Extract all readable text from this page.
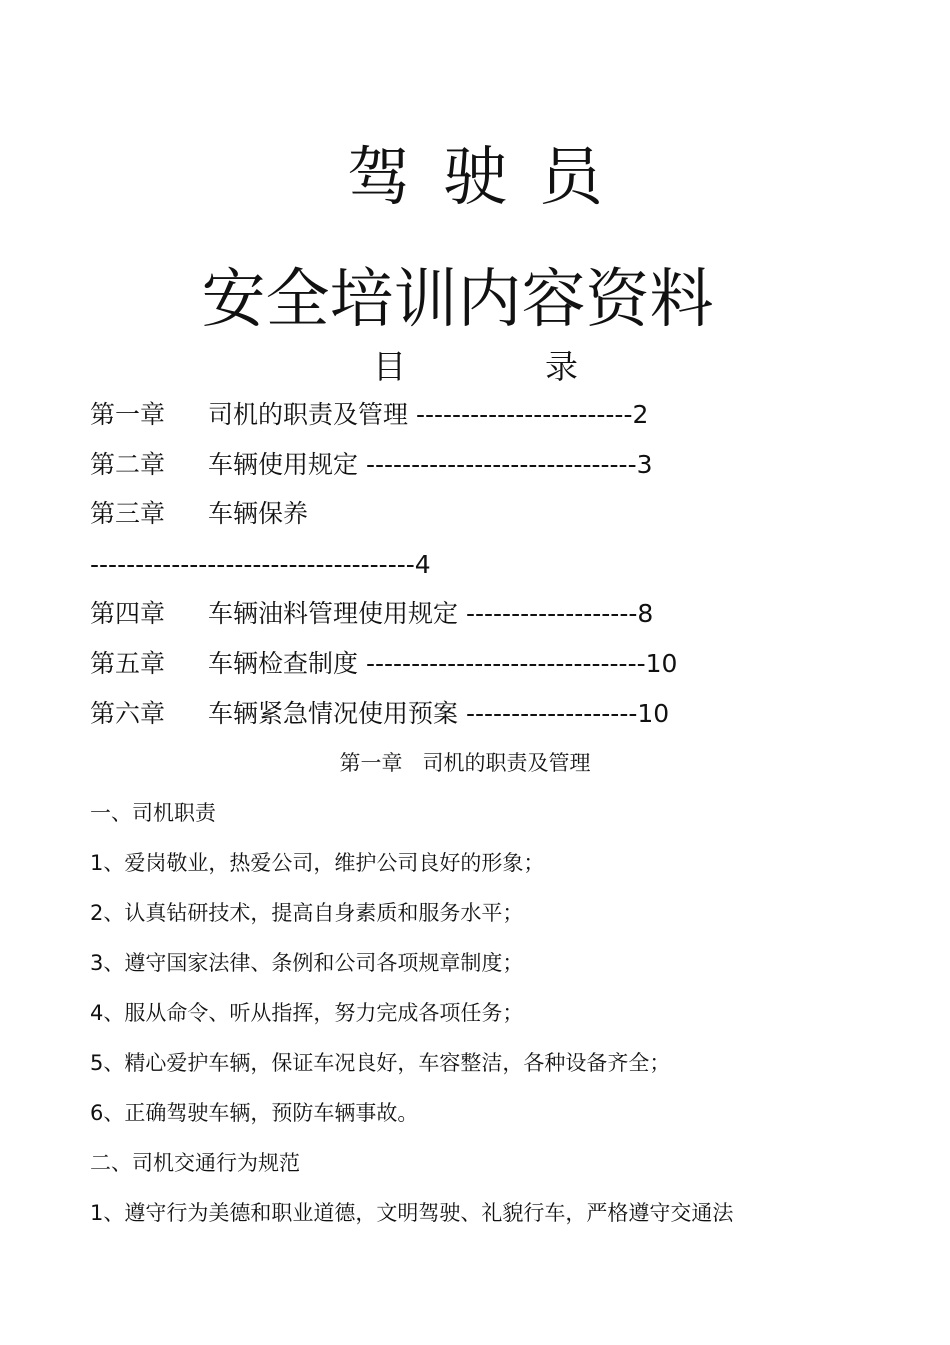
驾驶员
安全培训内容资料
目	录
第一章 司机的职责及管理 ------------------------2
第二章 车辆使用规定 ------------------------------3
第三章 车辆保养
------------------------------------4
第四章 车辆油料管理使用规定 -------------------8
第五章 车辆检查制度 -------------------------------10
第六章 车辆紧急情况使用预案 -------------------10
第一章   司机的职责及管理
一、司机职责
1、爱岗敬业，热爱公司，维护公司良好的形象；
2、认真钻研技术，提高自身素质和服务水平；
3、遵守国家法律、条例和公司各项规章制度；
4、服从命令、听从指挥，努力完成各项任务；
5、精心爱护车辆，保证车况良好，车容整洁，各种设备齐全；
6、正确驾驶车辆，预防车辆事故。
二、司机交通行为规范
1、遵守行为美德和职业道德，文明驾驶、礼貌行车，严格遵守交通法
